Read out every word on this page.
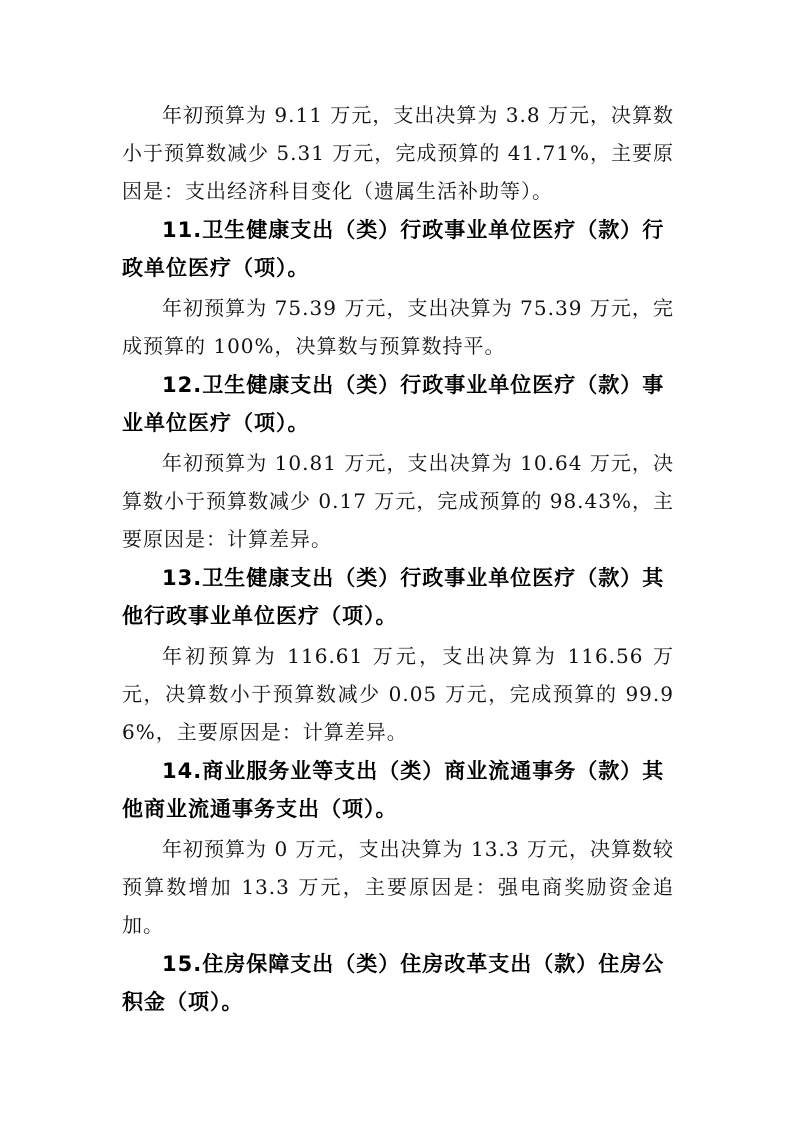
年初预算为 9.11 万元，支出决算为 3.8 万元，决算数小于预算数减少 5.31 万元，完成预算的 41.71%，主要原因是：支出经济科目变化（遗属生活补助等）。

11.卫生健康支出（类）行政事业单位医疗（款）行政单位医疗（项）。

年初预算为 75.39 万元，支出决算为 75.39 万元，完成预算的 100%，决算数与预算数持平。

12.卫生健康支出（类）行政事业单位医疗（款）事业单位医疗（项）。

年初预算为 10.81 万元，支出决算为 10.64 万元，决算数小于预算数减少 0.17 万元，完成预算的 98.43%，主要原因是：计算差异。

13.卫生健康支出（类）行政事业单位医疗（款）其他行政事业单位医疗（项）。

年初预算为 116.61 万元，支出决算为 116.56 万元，决算数小于预算数减少 0.05 万元，完成预算的 99.96%，主要原因是：计算差异。

14.商业服务业等支出（类）商业流通事务（款）其他商业流通事务支出（项）。

年初预算为 0 万元，支出决算为 13.3 万元，决算数较预算数增加 13.3 万元，主要原因是：强电商奖励资金追加。

15.住房保障支出（类）住房改革支出（款）住房公积金（项）。
